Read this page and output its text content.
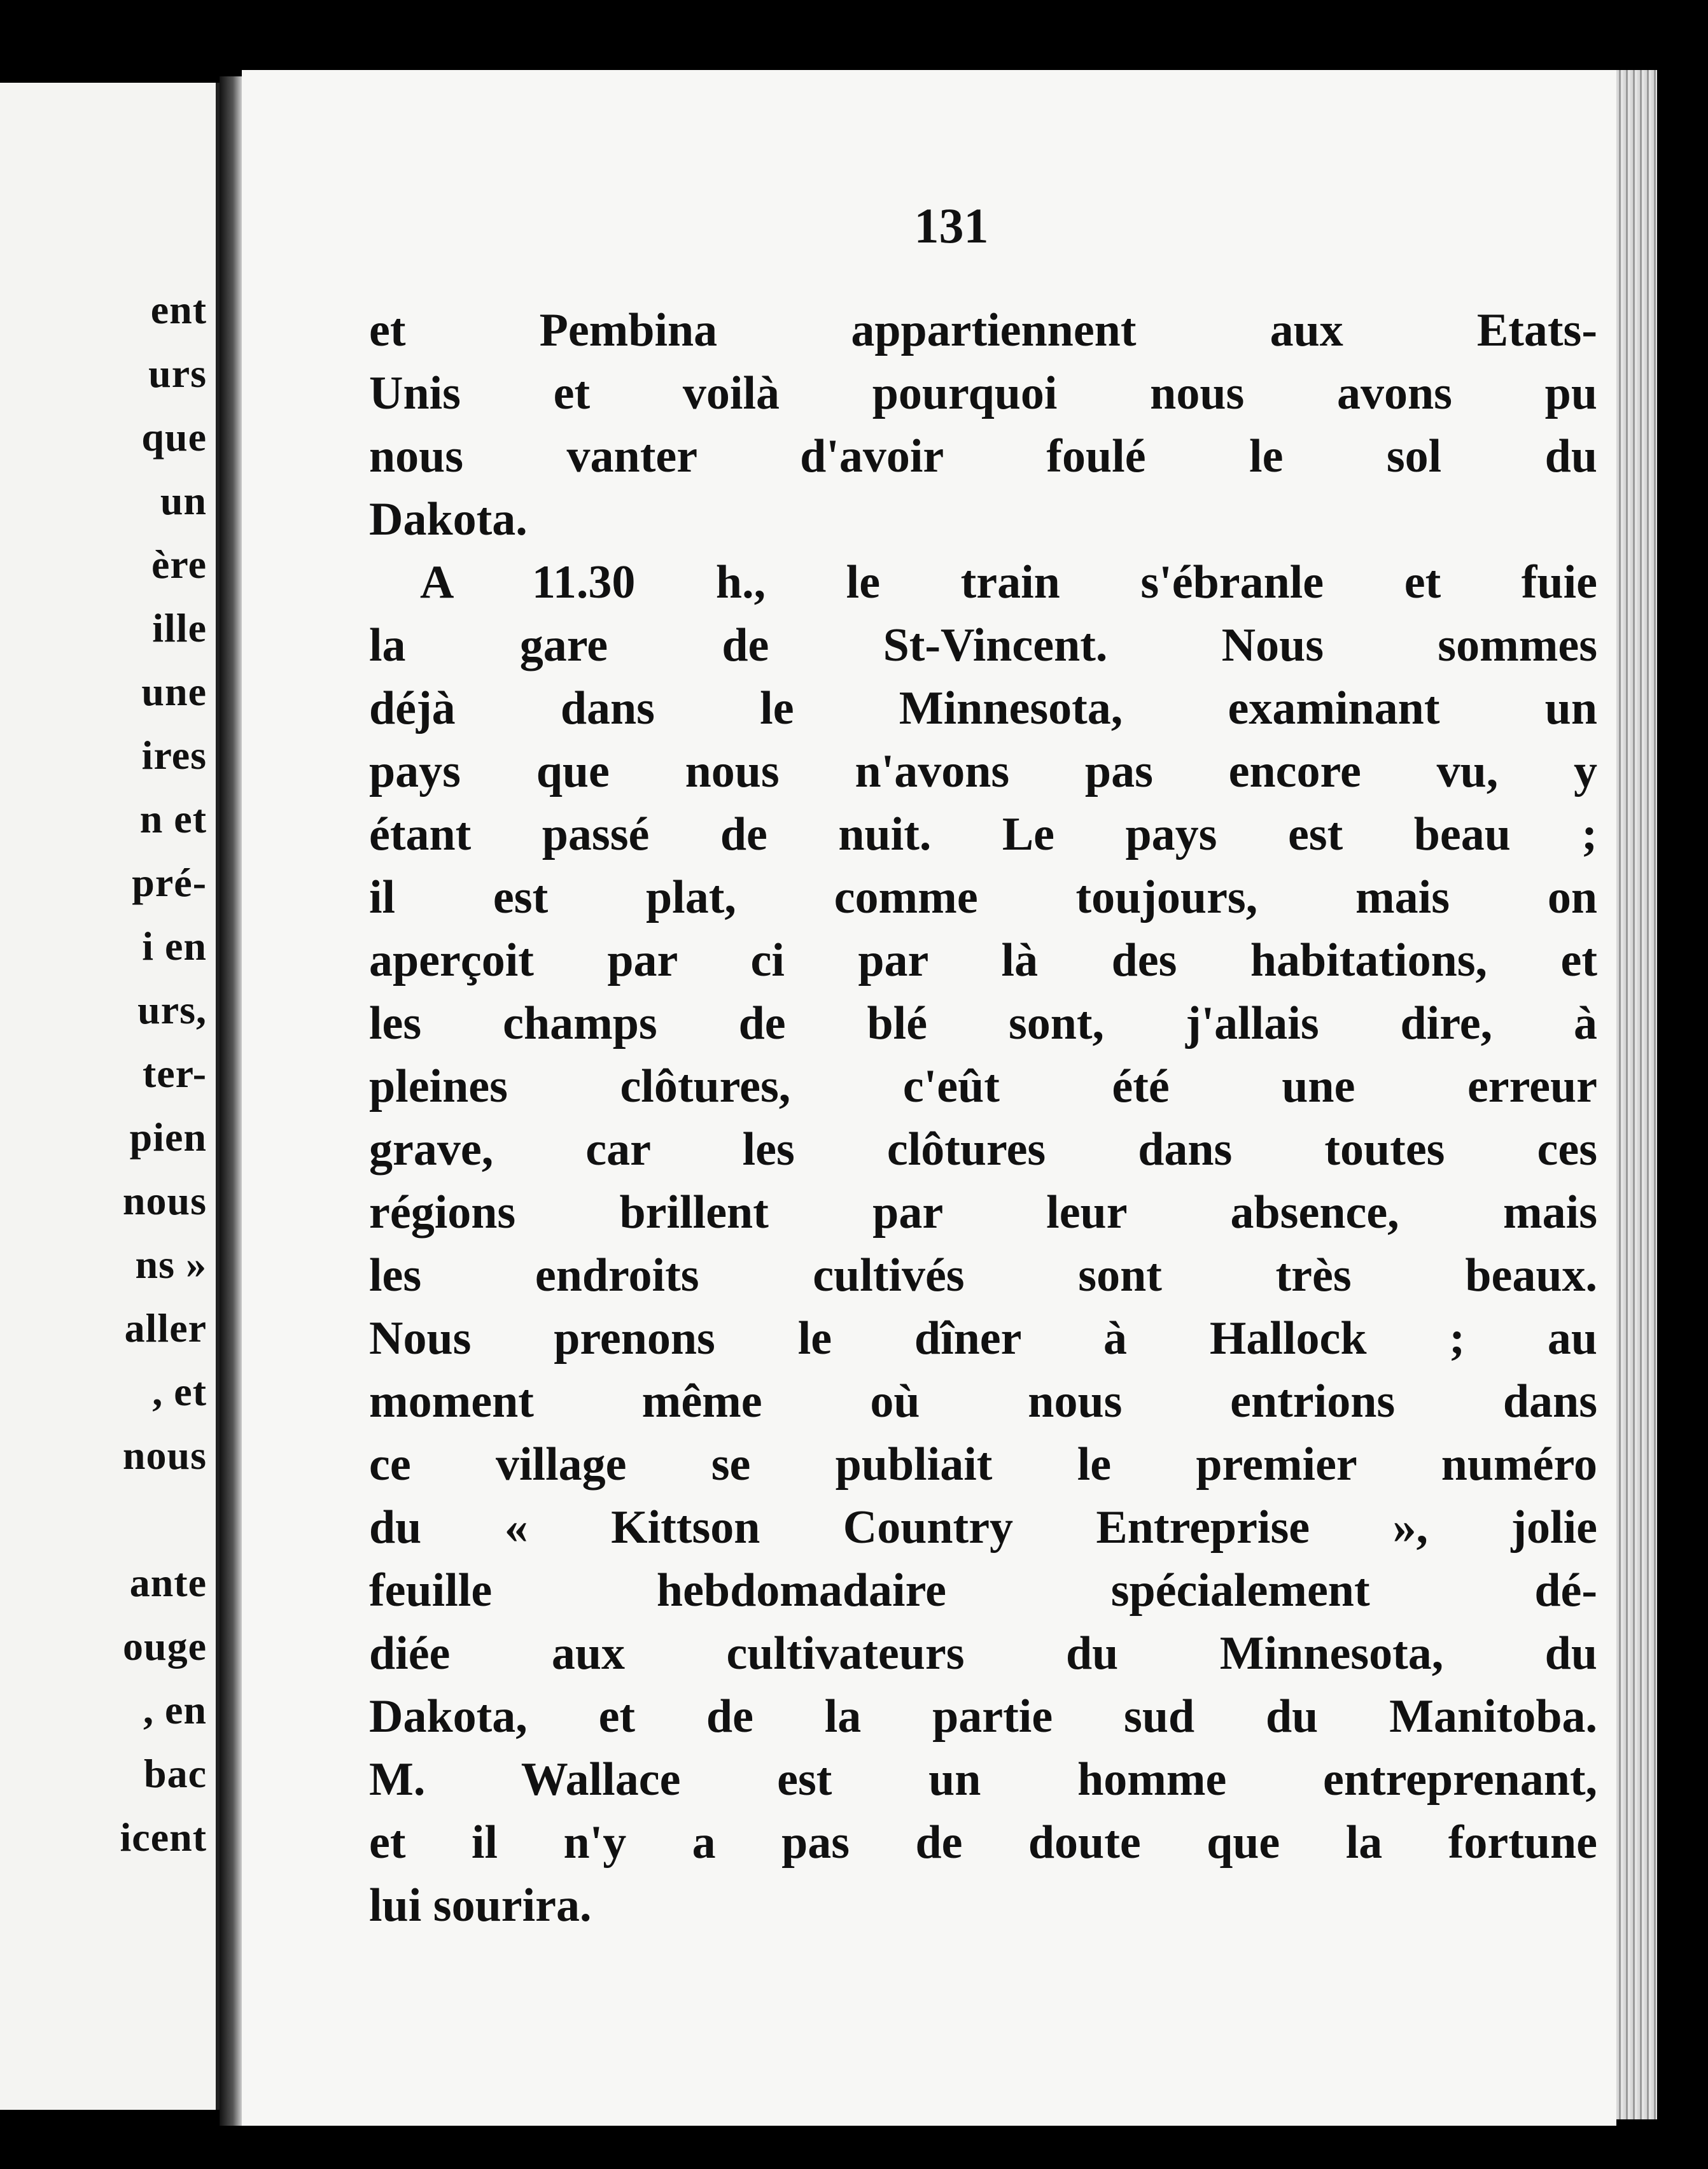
ent
urs
que
un
ère
ille
une
ires
n et
pré-
i en
urs,
ter-
pien
nous
ns »
aller
, et
nous
ante
ouge
, en
bac
icent
131
et Pembina appartiennent aux Etats-
Unis et voilà pourquoi nous avons pu
nous vanter d'avoir foulé le sol du
Dakota.
A 11.30 h., le train s'ébranle et fuie
la gare de St-Vincent. Nous sommes
déjà dans le Minnesota, examinant un
pays que nous n'avons pas encore vu, y
étant passé de nuit. Le pays est beau ;
il est plat, comme toujours, mais on
aperçoit par ci par là des habitations, et
les champs de blé sont, j'allais dire, à
pleines clôtures, c'eût été une erreur
grave, car les clôtures dans toutes ces
régions brillent par leur absence, mais
les endroits cultivés sont très beaux.
Nous prenons le dîner à Hallock ; au
moment même où nous entrions dans
ce village se publiait le premier numéro
du « Kittson Country Entreprise », jolie
feuille hebdomadaire spécialement dé-
diée aux cultivateurs du Minnesota, du
Dakota, et de la partie sud du Manitoba.
M. Wallace est un homme entreprenant,
et il n'y a pas de doute que la fortune
lui sourira.
